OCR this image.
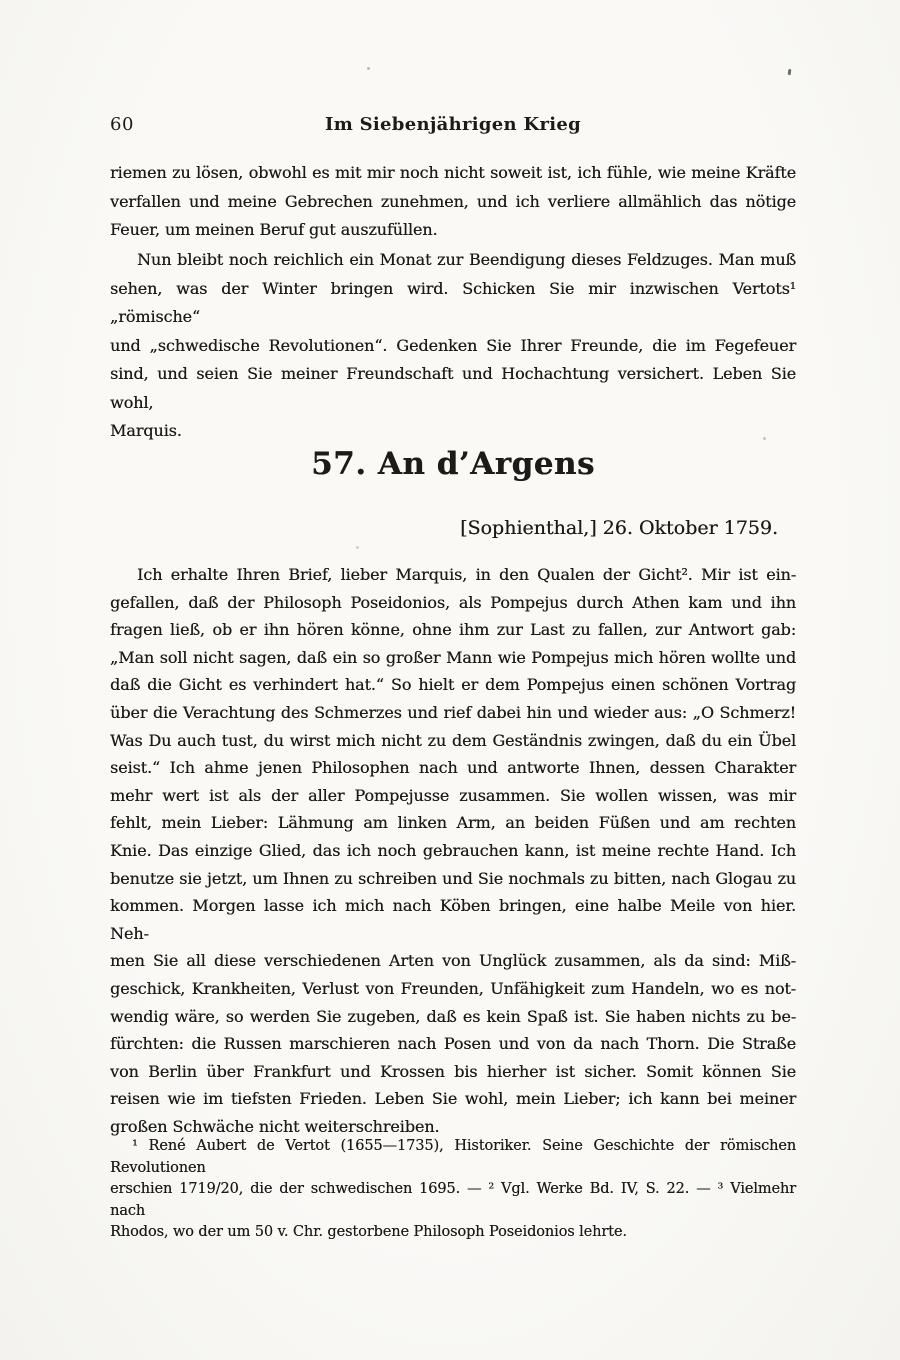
60	Im Siebenjährigen Krieg
riemen zu lösen, obwohl es mit mir noch nicht soweit ist, ich fühle, wie meine Kräfte
verfallen und meine Gebrechen zunehmen, und ich verliere allmählich das nötige
Feuer, um meinen Beruf gut auszufüllen.
Nun bleibt noch reichlich ein Monat zur Beendigung dieses Feldzuges. Man muß
sehen, was der Winter bringen wird. Schicken Sie mir inzwischen Vertots¹ „römische“
und „schwedische Revolutionen“. Gedenken Sie Ihrer Freunde, die im Fegefeuer
sind, und seien Sie meiner Freundschaft und Hochachtung versichert. Leben Sie wohl,
Marquis.
57. An d’Argens
[Sophienthal,] 26. Oktober 1759.
Ich erhalte Ihren Brief, lieber Marquis, in den Qualen der Gicht². Mir ist ein-
gefallen, daß der Philosoph Poseidonios, als Pompejus durch Athen kam und ihn
fragen ließ, ob er ihn hören könne, ohne ihm zur Last zu fallen, zur Antwort gab:
„Man soll nicht sagen, daß ein so großer Mann wie Pompejus mich hören wollte und
daß die Gicht es verhindert hat.“ So hielt er dem Pompejus einen schönen Vortrag
über die Verachtung des Schmerzes und rief dabei hin und wieder aus: „O Schmerz!
Was Du auch tust, du wirst mich nicht zu dem Geständnis zwingen, daß du ein Übel
seist.“ Ich ahme jenen Philosophen nach und antworte Ihnen, dessen Charakter
mehr wert ist als der aller Pompejusse zusammen. Sie wollen wissen, was mir
fehlt, mein Lieber: Lähmung am linken Arm, an beiden Füßen und am rechten
Knie. Das einzige Glied, das ich noch gebrauchen kann, ist meine rechte Hand. Ich
benutze sie jetzt, um Ihnen zu schreiben und Sie nochmals zu bitten, nach Glogau zu
kommen. Morgen lasse ich mich nach Köben bringen, eine halbe Meile von hier. Neh-
men Sie all diese verschiedenen Arten von Unglück zusammen, als da sind: Miß-
geschick, Krankheiten, Verlust von Freunden, Unfähigkeit zum Handeln, wo es not-
wendig wäre, so werden Sie zugeben, daß es kein Spaß ist. Sie haben nichts zu be-
fürchten: die Russen marschieren nach Posen und von da nach Thorn. Die Straße
von Berlin über Frankfurt und Krossen bis hierher ist sicher. Somit können Sie
reisen wie im tiefsten Frieden. Leben Sie wohl, mein Lieber; ich kann bei meiner
großen Schwäche nicht weiterschreiben.
¹ René Aubert de Vertot (1655—1735), Historiker. Seine Geschichte der römischen Revolutionen
erschien 1719/20, die der schwedischen 1695. — ² Vgl. Werke Bd. IV, S. 22. — ³ Vielmehr nach
Rhodos, wo der um 50 v. Chr. gestorbene Philosoph Poseidonios lehrte.
